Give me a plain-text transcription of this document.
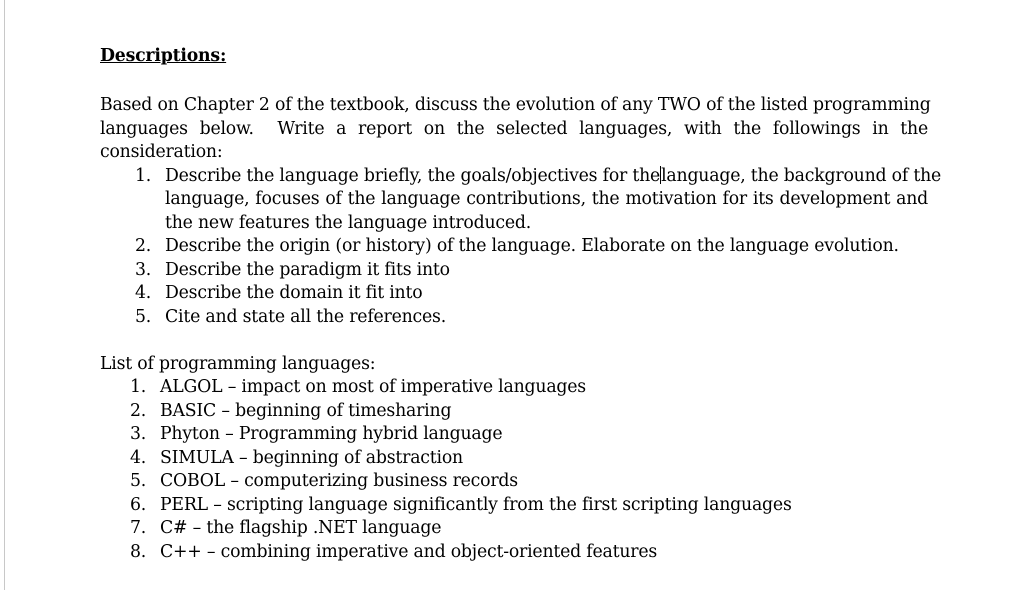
Descriptions:
Based on Chapter 2 of the textbook, discuss the evolution of any TWO of the listed programming
languages below.  Write a report on the selected languages, with the followings in the
consideration:
1. Describe the language briefly, the goals/objectives for thelanguage, the background of the
language, focuses of the language contributions, the motivation for its development and
the new features the language introduced.
2. Describe the origin (or history) of the language. Elaborate on the language evolution.
3. Describe the paradigm it fits into
4. Describe the domain it fit into
5. Cite and state all the references.
List of programming languages:
1. ALGOL – impact on most of imperative languages
2. BASIC – beginning of timesharing
3. Phyton – Programming hybrid language
4. SIMULA – beginning of abstraction
5. COBOL – computerizing business records
6. PERL – scripting language significantly from the first scripting languages
7. C# – the flagship .NET language
8. C++ – combining imperative and object-oriented features
